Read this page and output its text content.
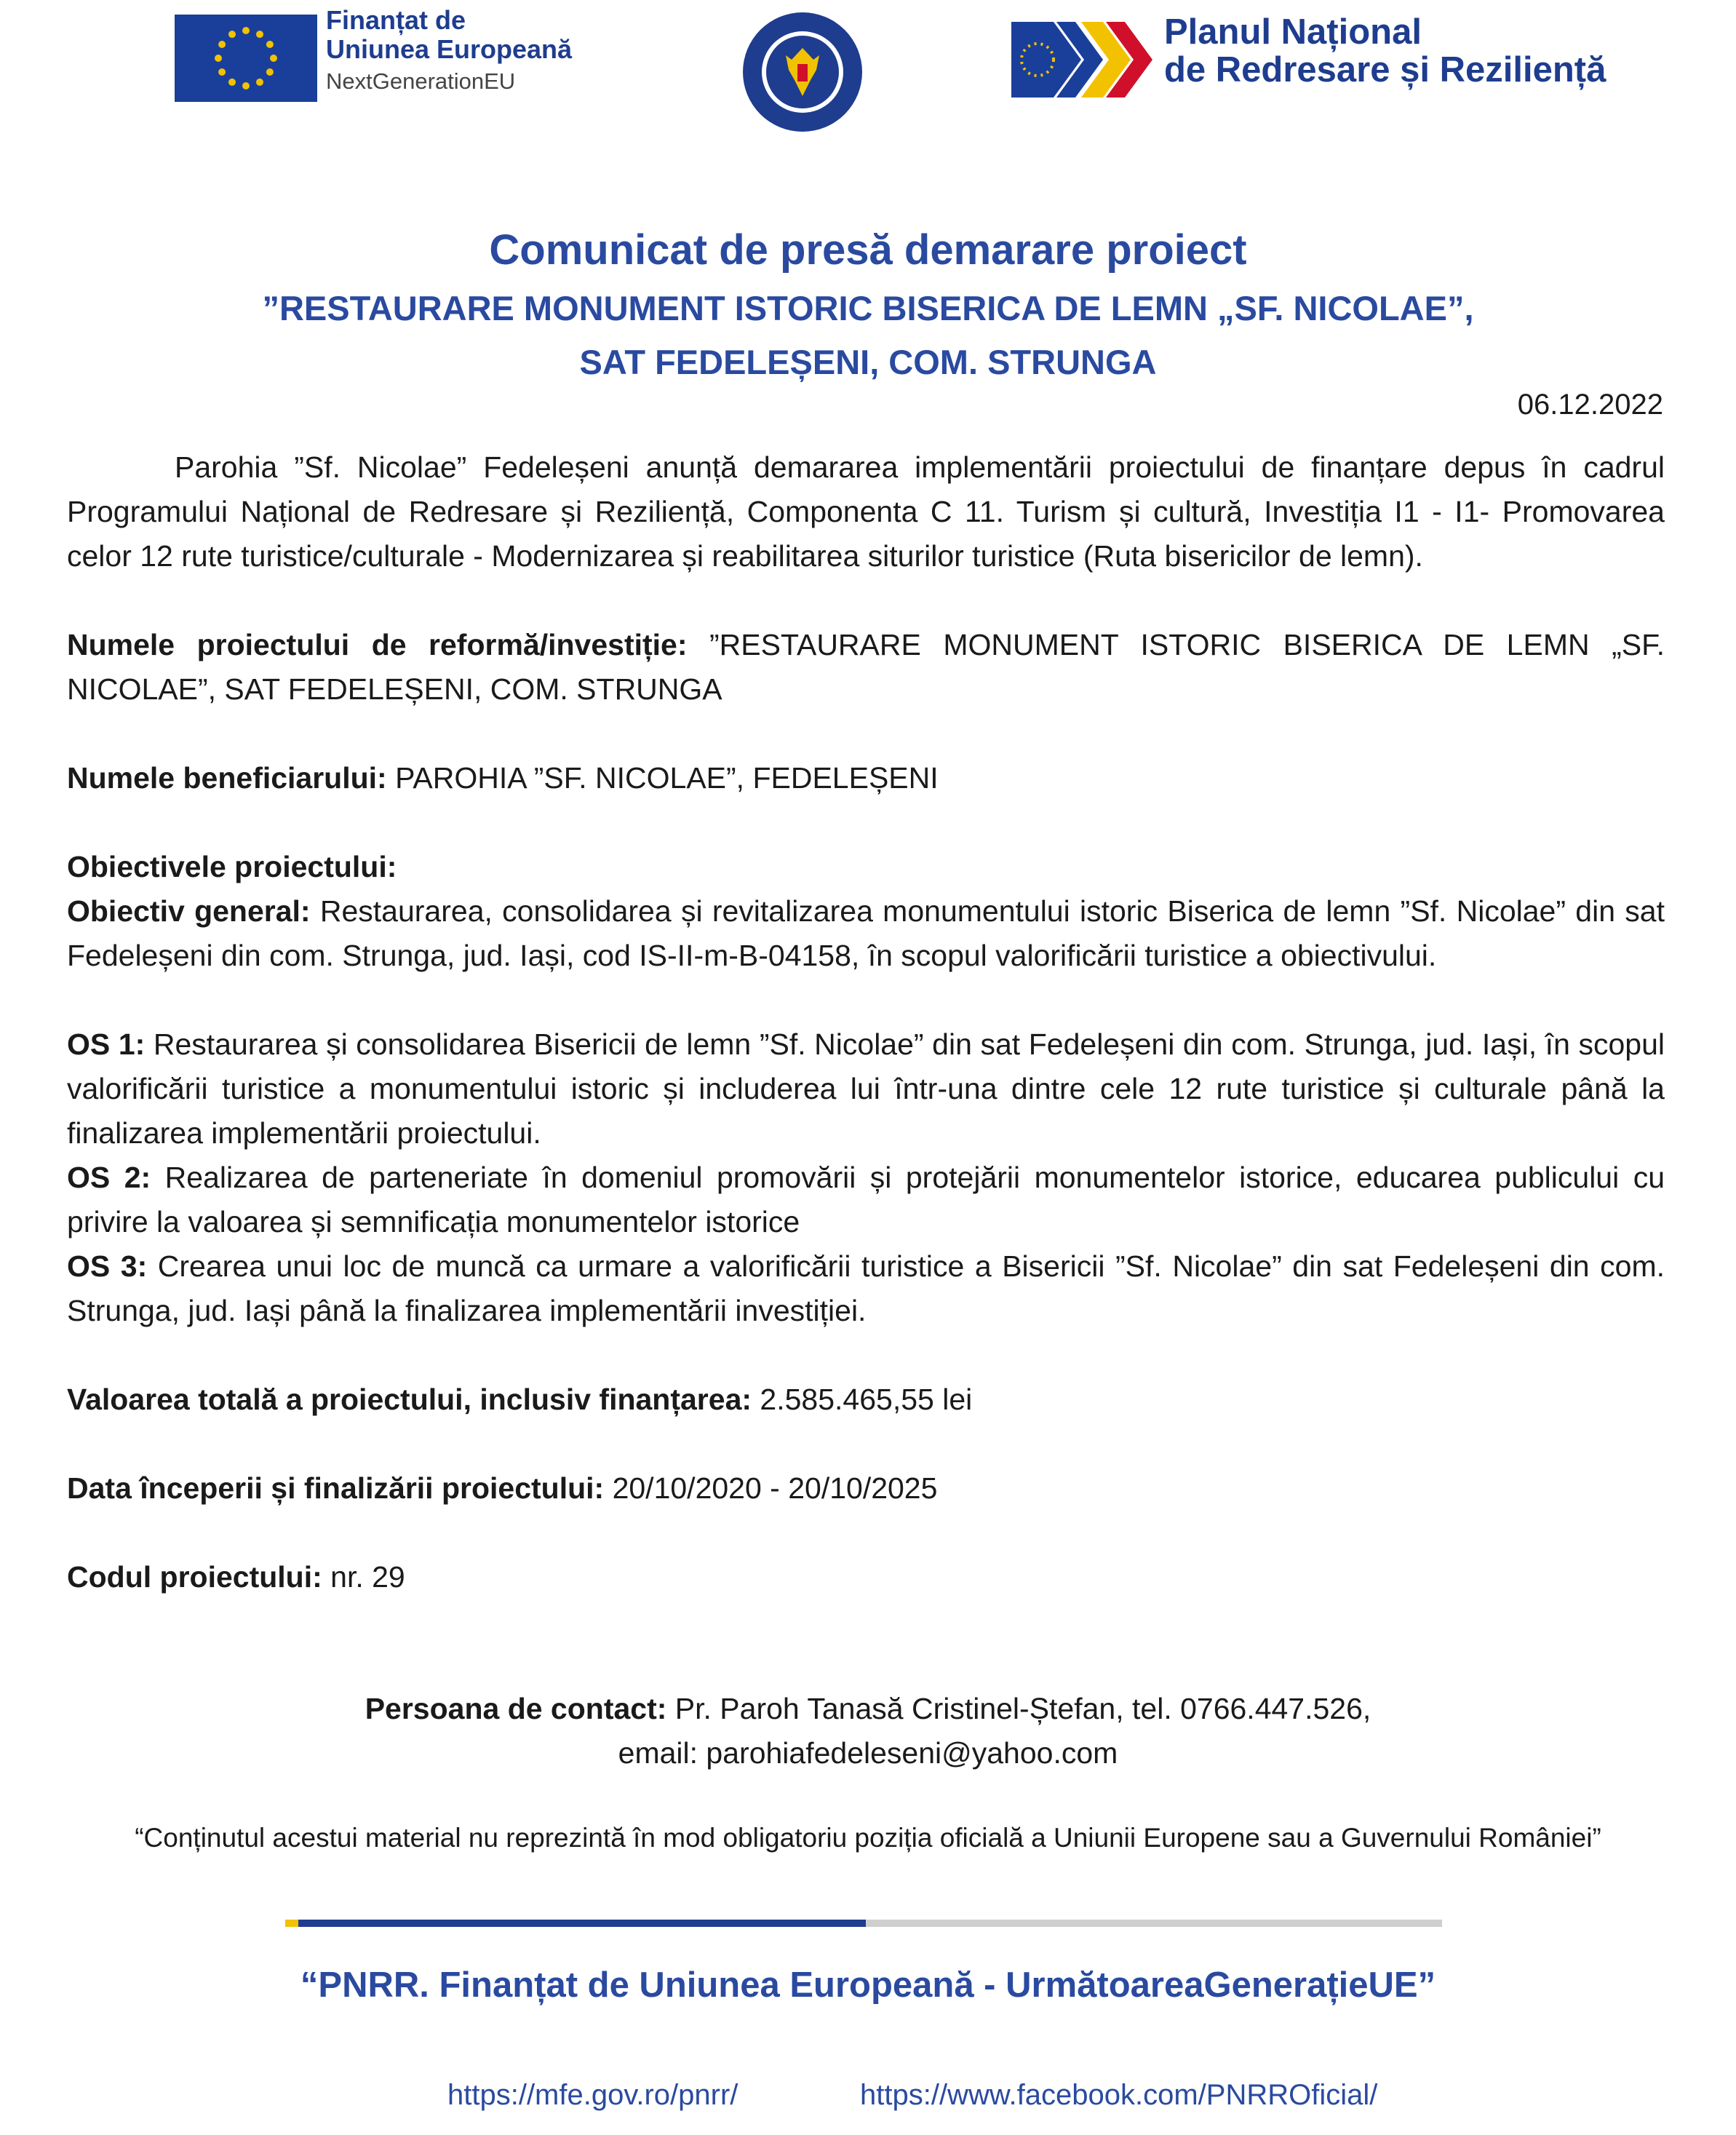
Finanțat de
Uniunea Europeană
NextGenerationEU
Planul Național
de Redresare și Reziliență
Comunicat de presă demarare proiect
”RESTAURARE MONUMENT ISTORIC BISERICA DE LEMN „SF. NICOLAE”,
SAT FEDELEȘENI, COM. STRUNGA
06.12.2022

Parohia ”Sf. Nicolae” Fedeleșeni anunță demararea implementării proiectului de finanțare depus în cadrul Programului Național de Redresare și Reziliență, Componenta C 11. Turism și cultură, Investiția I1 - I1- Promovarea celor 12 rute turistice/culturale - Modernizarea și reabilitarea siturilor turistice (Ruta bisericilor de lemn).

Numele proiectului de reformă/investiție: ”RESTAURARE MONUMENT ISTORIC BISERICA DE LEMN „SF. NICOLAE”, SAT FEDELEȘENI, COM. STRUNGA

Numele beneficiarului: PAROHIA ”SF. NICOLAE”, FEDELEȘENI

Obiectivele proiectului:

Obiectiv general: Restaurarea, consolidarea și revitalizarea monumentului istoric Biserica de lemn ”Sf. Nicolae” din sat Fedeleșeni din com. Strunga, jud. Iași, cod IS-II-m-B-04158, în scopul valorificării turistice a obiectivului.

OS 1: Restaurarea și consolidarea Bisericii de lemn ”Sf. Nicolae” din sat Fedeleșeni din com. Strunga, jud. Iași, în scopul valorificării turistice a monumentului istoric și includerea lui într-una dintre cele 12 rute turistice și culturale până la finalizarea implementării proiectului.

OS 2: Realizarea de parteneriate în domeniul promovării și protejării monumentelor istorice, educarea publicului cu privire la valoarea și semnificația monumentelor istorice

OS 3: Crearea unui loc de muncă ca urmare a valorificării turistice a Bisericii ”Sf. Nicolae” din sat Fedeleșeni din com. Strunga, jud. Iași până la finalizarea implementării investiției.

Valoarea totală a proiectului, inclusiv finanțarea: 2.585.465,55 lei

Data începerii și finalizării proiectului: 20/10/2020 - 20/10/2025

Codul proiectului: nr. 29

Persoana de contact: Pr. Paroh Tanasă Cristinel-Ștefan, tel. 0766.447.526,
email: parohiafedeleseni@yahoo.com
“Conținutul acestui material nu reprezintă în mod obligatoriu poziția oficială a Uniunii Europene sau a Guvernului României”
“PNRR. Finanțat de Uniunea Europeană - UrmătoareaGenerațieUE”
https://mfe.gov.ro/pnrr/	https://www.facebook.com/PNRROficial/
